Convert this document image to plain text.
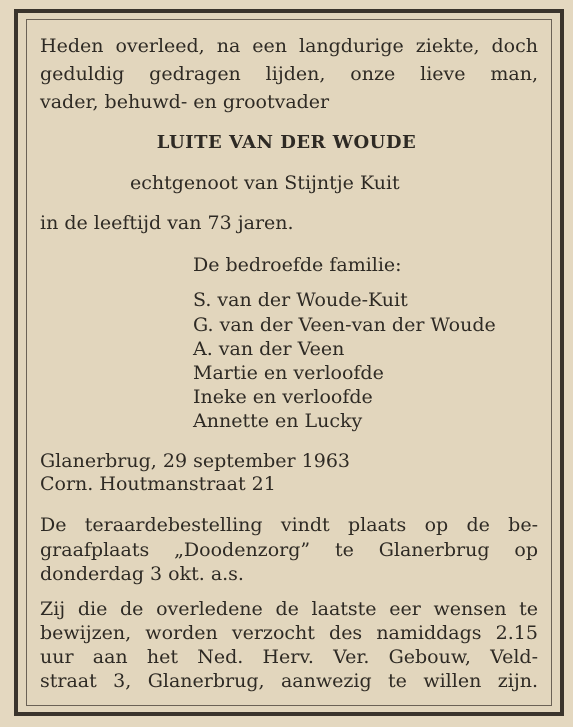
Heden overleed, na een langdurige ziekte, doch
geduldig gedragen lijden, onze lieve man,
vader, behuwd- en grootvader
LUITE VAN DER WOUDE
echtgenoot van Stijntje Kuit
in de leeftijd van 73 jaren.
De bedroefde familie:
S. van der Woude-Kuit
G. van der Veen-van der Woude
A. van der Veen
Martie en verloofde
Ineke en verloofde
Annette en Lucky
Glanerbrug, 29 september 1963
Corn. Houtmanstraat 21
De teraardebestelling vindt plaats op de be-
graafplaats „Doodenzorg” te Glanerbrug op
donderdag 3 okt. a.s.
Zij die de overledene de laatste eer wensen te
bewijzen, worden verzocht des namiddags 2.15
uur aan het Ned. Herv. Ver. Gebouw, Veld-
straat 3, Glanerbrug, aanwezig te willen zijn.
